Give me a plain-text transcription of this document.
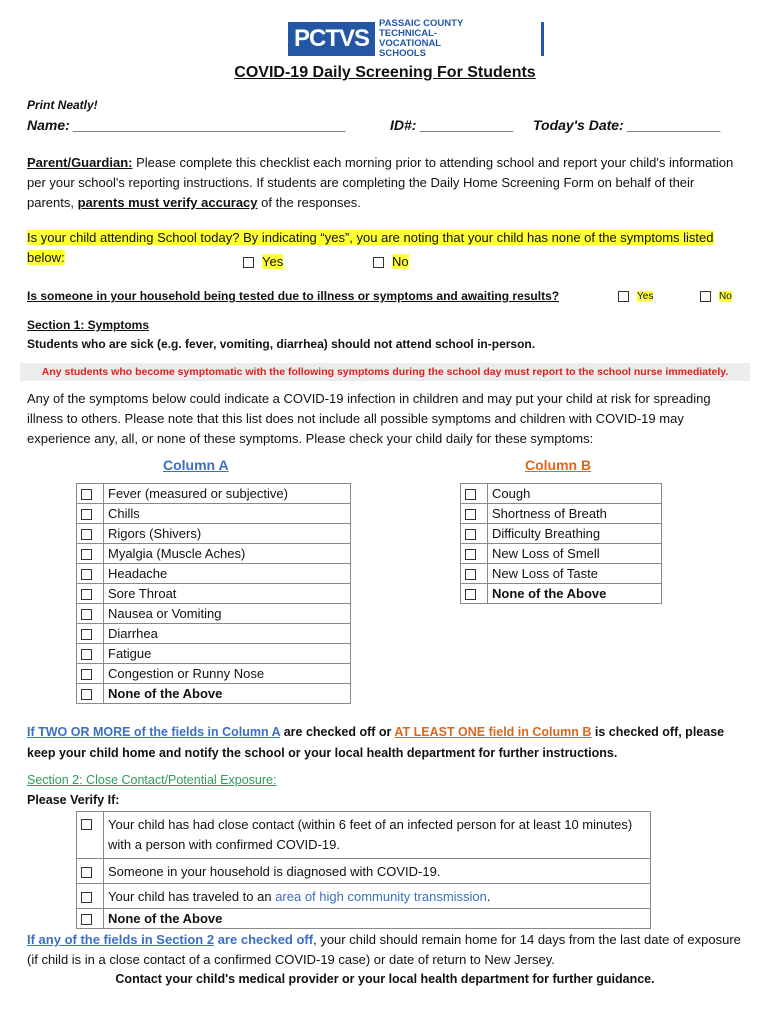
PCTVS
PASSAIC COUNTY
TECHNICAL-VOCATIONAL
SCHOOLS
COVID-19 Daily Screening For Students
Print Neatly!
Name: ___________________________________	ID#: ____________ Today's Date: ____________
Parent/Guardian: Please complete this checklist each morning prior to attending school and report your child's information per your school's reporting instructions. If students are completing the Daily Home Screening Form on behalf of their parents, parents must verify accuracy of the responses.
Is your child attending School today? By indicating “yes”, you are noting that your child has none of the symptoms listed below:	Yes	No
Is someone in your household being tested due to illness or symptoms and awaiting results?	Yes	No
Section 1: Symptoms
Students who are sick (e.g. fever, vomiting, diarrhea) should not attend school in-person.
Any students who become symptomatic with the following symptoms during the school day must report to the school nurse immediately.
Any of the symptoms below could indicate a COVID-19 infection in children and may put your child at risk for spreading illness to others. Please note that this list does not include all possible symptoms and children with COVID-19 may experience any, all, or none of these symptoms. Please check your child daily for these symptoms:
Column A	Column B
	Fever (measured or subjective)
	Chills
	Rigors (Shivers)
	Myalgia (Muscle Aches)
	Headache
	Sore Throat
	Nausea or Vomiting
	Diarrhea
	Fatigue
	Congestion or Runny Nose
	None of the Above
	Cough
	Shortness of Breath
	Difficulty Breathing
	New Loss of Smell
	New Loss of Taste
	None of the Above
If TWO OR MORE of the fields in Column A are checked off or AT LEAST ONE field in Column B is checked off, please keep your child home and notify the school or your local health department for further instructions.
Section 2: Close Contact/Potential Exposure:
Please Verify If:
	Your child has had close contact (within 6 feet of an infected person for at least 10 minutes) with a person with confirmed COVID-19.
	Someone in your household is diagnosed with COVID-19.
	Your child has traveled to an area of high community transmission.
	None of the Above
If any of the fields in Section 2 are checked off, your child should remain home for 14 days from the last date of exposure (if child is in a close contact of a confirmed COVID-19 case) or date of return to New Jersey.
Contact your child's medical provider or your local health department for further guidance.
